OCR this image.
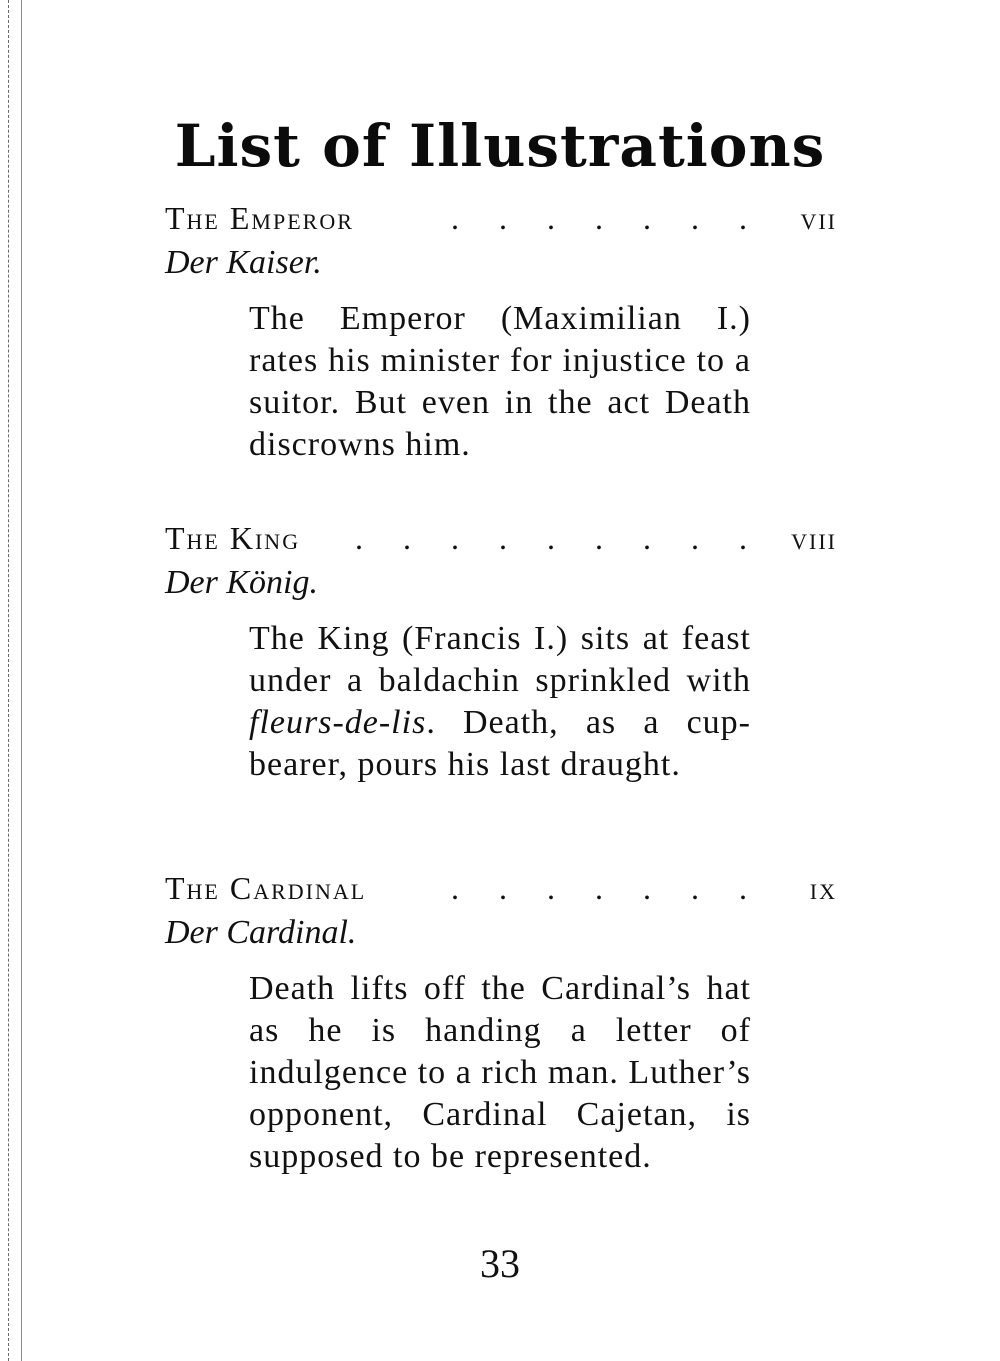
List of Illustrations
. . . . . . .
The Emperor	vii
Der Kaiser.
The Emperor (Maximilian I.) rates his minister for injustice to a suitor. But even in the act Death discrowns him.
. . . . . . . . .
The King	viii
Der König.
The King (Francis I.) sits at feast under a baldachin sprinkled with fleurs-de-lis. Death, as a cup-bearer, pours his last draught.
. . . . . . .
The Cardinal	ix
Der Cardinal.
Death lifts off the Cardinal’s hat as he is handing a letter of indulgence to a rich man. Luther’s opponent, Cardinal Cajetan, is supposed to be represented.
33
